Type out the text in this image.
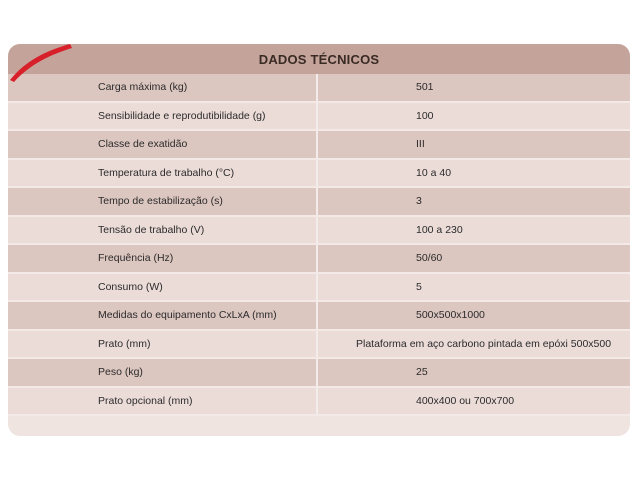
DADOS TÉCNICOS
Carga máxima (kg)	501
Sensibilidade e reprodutibilidade (g)	100
Classe de exatidão	III
Temperatura de trabalho (°C)	10 a 40
Tempo de estabilização (s)	3
Tensão de trabalho (V)	100 a 230
Frequência (Hz)	50/60
Consumo (W)	5
Medidas do equipamento CxLxA (mm)	500x500x1000
Prato (mm)	Plataforma em aço carbono pintada em epóxi 500x500
Peso (kg)	25
Prato opcional (mm)	400x400 ou 700x700
